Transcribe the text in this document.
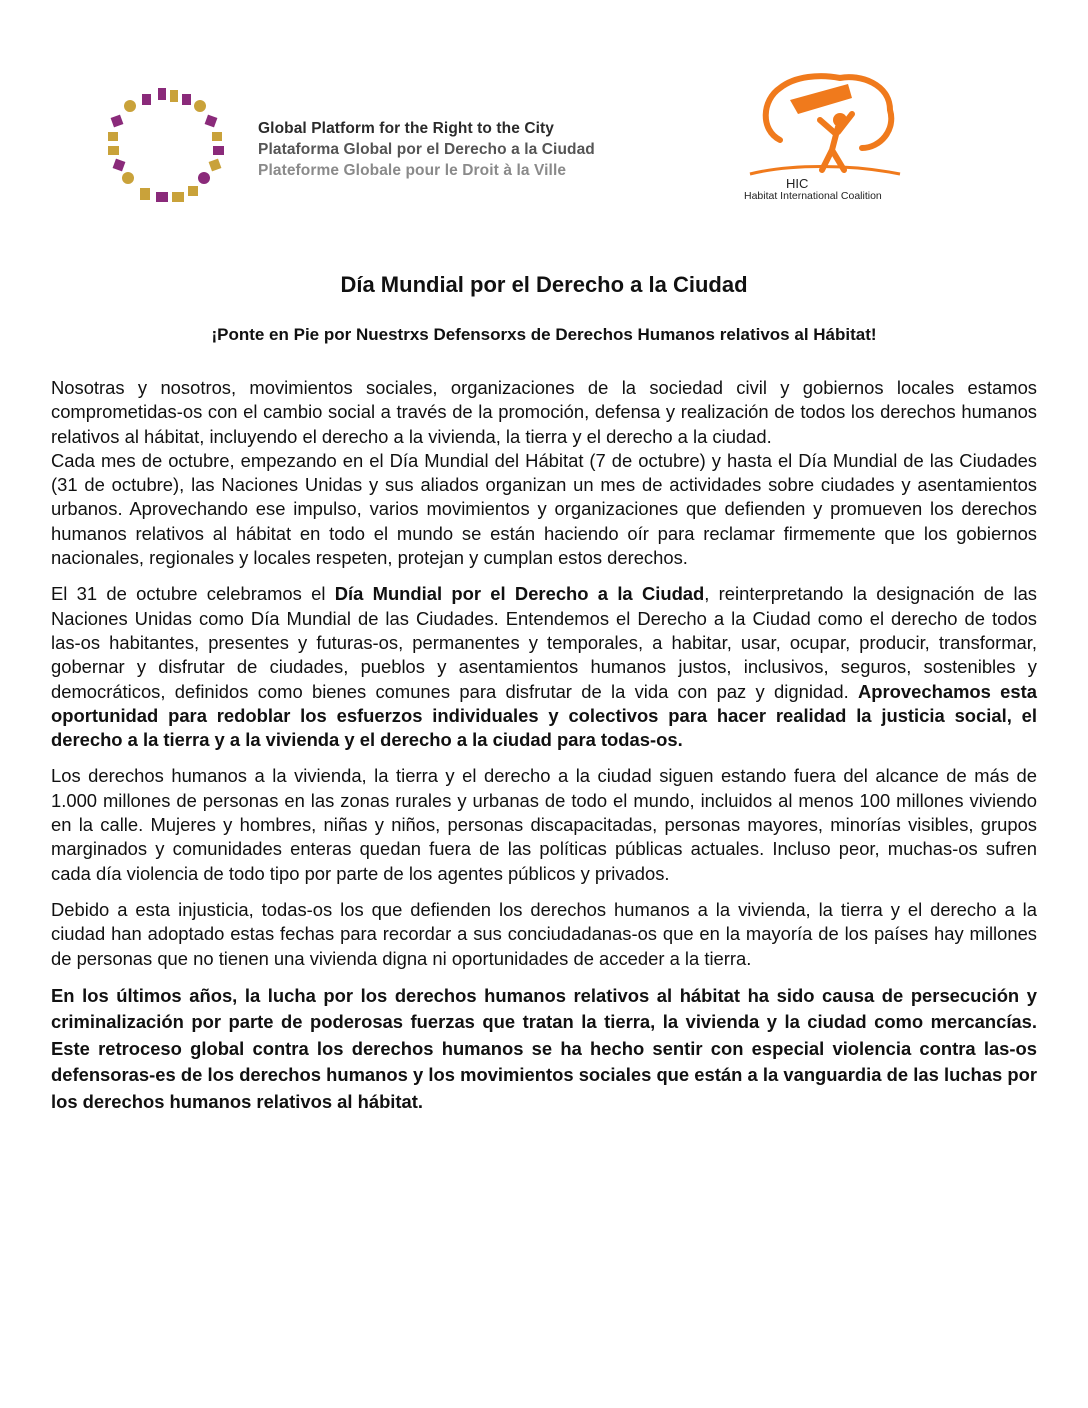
Global Platform for the Right to the City
Plataforma Global por el Derecho a la Ciudad
Plateforme Globale pour le Droit à la Ville
HIC
Habitat International Coalition
Día Mundial por el Derecho a la Ciudad
¡Ponte en Pie por Nuestrxs Defensorxs de Derechos Humanos relativos al Hábitat!

Nosotras y nosotros, movimientos sociales, organizaciones de la sociedad civil y gobiernos locales estamos comprometidas-os con el cambio social a través de la promoción, defensa y realización de todos los derechos humanos relativos al hábitat, incluyendo el derecho a la vivienda, la tierra y el derecho a la ciudad.

Cada mes de octubre, empezando en el Día Mundial del Hábitat (7 de octubre) y hasta el Día Mundial de las Ciudades (31 de octubre), las Naciones Unidas y sus aliados organizan un mes de actividades sobre ciudades y asentamientos urbanos. Aprovechando ese impulso, varios movimientos y organizaciones que defienden y promueven los derechos humanos relativos al hábitat en todo el mundo se están haciendo oír para reclamar firmemente que los gobiernos nacionales, regionales y locales respeten, protejan y cumplan estos derechos.

El 31 de octubre celebramos el Día Mundial por el Derecho a la Ciudad, reinterpretando la designación de las Naciones Unidas como Día Mundial de las Ciudades. Entendemos el Derecho a la Ciudad como el derecho de todos las-os habitantes, presentes y futuras-os, permanentes y temporales, a habitar, usar, ocupar, producir, transformar, gobernar y disfrutar de ciudades, pueblos y asentamientos humanos justos, inclusivos, seguros, sostenibles y democráticos, definidos como bienes comunes para disfrutar de la vida con paz y dignidad. Aprovechamos esta oportunidad para redoblar los esfuerzos individuales y colectivos para hacer realidad la justicia social, el derecho a la tierra y a la vivienda y el derecho a la ciudad para todas-os.

Los derechos humanos a la vivienda, la tierra y el derecho a la ciudad siguen estando fuera del alcance de más de 1.000 millones de personas en las zonas rurales y urbanas de todo el mundo, incluidos al menos 100 millones viviendo en la calle. Mujeres y hombres, niñas y niños, personas discapacitadas, personas mayores, minorías visibles, grupos marginados y comunidades enteras quedan fuera de las políticas públicas actuales. Incluso peor, muchas-os sufren cada día violencia de todo tipo por parte de los agentes públicos y privados.

Debido a esta injusticia, todas-os los que defienden los derechos humanos a la vivienda, la tierra y el derecho a la ciudad han adoptado estas fechas para recordar a sus conciudadanas-os que en la mayoría de los países hay millones de personas que no tienen una vivienda digna ni oportunidades de acceder a la tierra.

En los últimos años, la lucha por los derechos humanos relativos al hábitat ha sido causa de persecución y criminalización por parte de poderosas fuerzas que tratan la tierra, la vivienda y la ciudad como mercancías. Este retroceso global contra los derechos humanos se ha hecho sentir con especial violencia contra las-os defensoras-es de los derechos humanos y los movimientos sociales que están a la vanguardia de las luchas por los derechos humanos relativos al hábitat.
